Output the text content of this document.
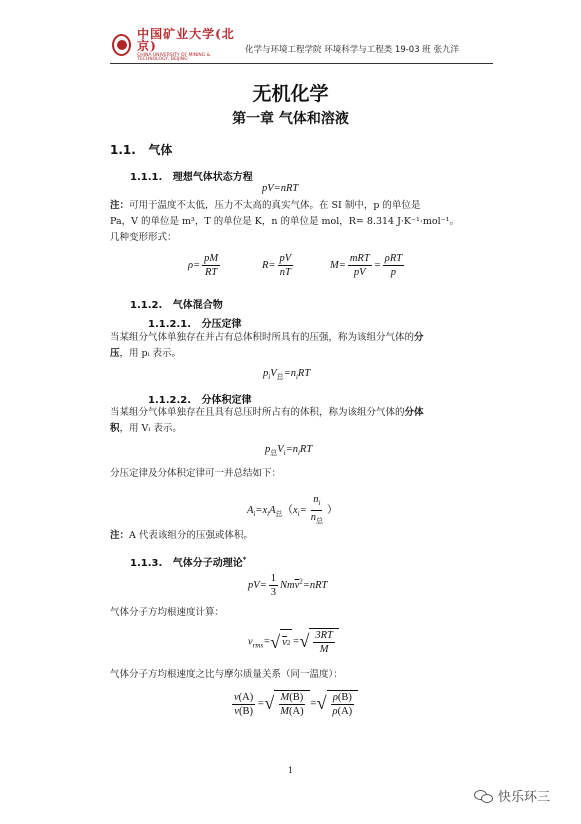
中国矿业大学(北京)
CHINA UNIVERSITY OF MINING & TECHNOLOGY, BEIJING
化学与环境工程学院 环境科学与工程类 19-03 班 张九洋
无机化学
第一章 气体和溶液
1.1. 气体
1.1.1. 理想气体状态方程
pV=nRT
注：可用于温度不太低，压力不太高的真实气体。在 SI 制中，p 的单位是
Pa，V 的单位是 m³，T 的单位是 K，n 的单位是 mol，R= 8.314 J·K⁻¹·mol⁻¹。
几种变形形式：
$\rho= \frac{pM}{RT}$	$R= \frac{pV}{nT}$	$M= \frac{\text{mRT}}{pV} = \frac{\text{ρRT}}{p}$
1.1.2. 气体混合物
1.1.2.1. 分压定律
当某组分气体单独存在并占有总体积时所具有的压强，称为该组分气体的分
压，用 pᵢ 表示。
$p_iV_总=n_iRT$
1.1.2.2. 分体积定律
当某组分气体单独存在且具有总压时所占有的体积，称为该组分气体的分体
积，用 Vᵢ 表示。
$p_总V_i=n_iRT$
分压定律及分体积定律可一并总结如下：
$A_i=x_iA_总(x_i= \frac{n_i}{n_总}$ ）
注：A 代表该组分的压强或体积。
1.1.3. 气体分子动理论*
$pV= \frac{1}{3} Nm\overline{v}^2=nRT$
气体分子方均根速度计算：
$v_{rms}=$ √ v 2 = √ $\frac{3RT}{M}$
气体分子方均根速度之比与摩尔质量关系（同一温度）：
$\frac{v(A)}{v(B)}$ = √ $\frac{M(B)}{M(A)}$ = √ $\frac{\rho(B)}{\rho(A)}$
1
快乐环三
